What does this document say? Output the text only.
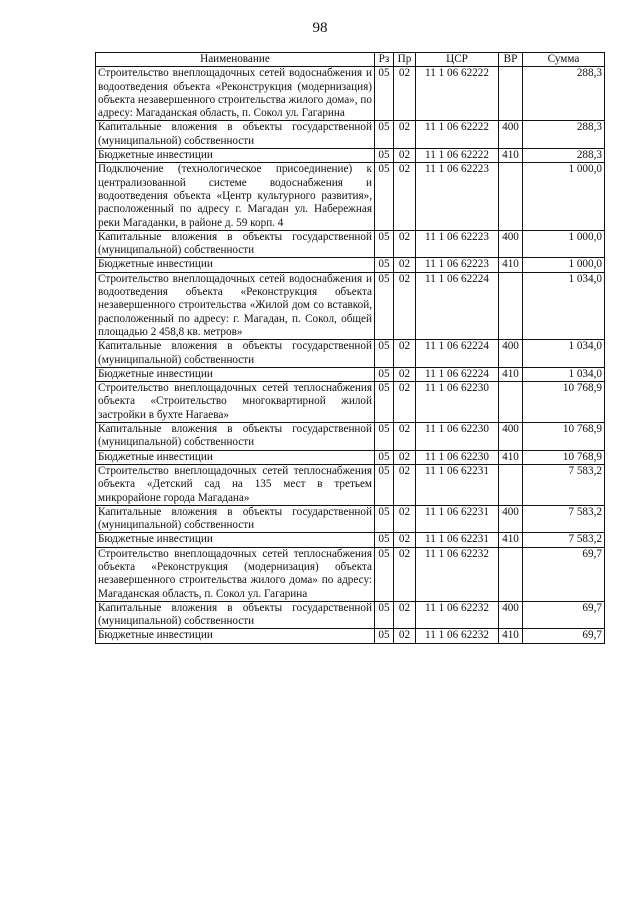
98
Наименование	Рз	Пр	ЦСР	ВР	Сумма
Строительство внеплощадочных сетей водоснабжения и водоотведения объекта «Реконструкция (модернизация) объекта незавершенного строительства жилого дома», по адресу: Магаданская область, п. Сокол ул. Гагарина	05	02	11 1 06 62222		288,3
Капитальные вложения в объекты государственной (муниципальной) собственности	05	02	11 1 06 62222	400	288,3
Бюджетные инвестиции	05	02	11 1 06 62222	410	288,3
Подключение (технологическое присоединение) к централизованной системе водоснабжения и водоотведения объекта «Центр культурного развития», расположенный по адресу г. Магадан ул. Набережная реки Магаданки, в районе д. 59 корп. 4	05	02	11 1 06 62223		1 000,0
Капитальные вложения в объекты государственной (муниципальной) собственности	05	02	11 1 06 62223	400	1 000,0
Бюджетные инвестиции	05	02	11 1 06 62223	410	1 000,0
Строительство внеплощадочных сетей водоснабжения и водоотведения объекта «Реконструкция объекта незавершенного строительства «Жилой дом со вставкой, расположенный по адресу: г. Магадан, п. Сокол, общей площадью 2 458,8 кв. метров»	05	02	11 1 06 62224		1 034,0
Капитальные вложения в объекты государственной (муниципальной) собственности	05	02	11 1 06 62224	400	1 034,0
Бюджетные инвестиции	05	02	11 1 06 62224	410	1 034,0
Строительство внеплощадочных сетей теплоснабжения объекта «Строительство многоквартирной жилой застройки в бухте Нагаева»	05	02	11 1 06 62230		10 768,9
Капитальные вложения в объекты государственной (муниципальной) собственности	05	02	11 1 06 62230	400	10 768,9
Бюджетные инвестиции	05	02	11 1 06 62230	410	10 768,9
Строительство внеплощадочных сетей теплоснабжения объекта «Детский сад на 135 мест в третьем микрорайоне города Магадана»	05	02	11 1 06 62231		7 583,2
Капитальные вложения в объекты государственной (муниципальной) собственности	05	02	11 1 06 62231	400	7 583,2
Бюджетные инвестиции	05	02	11 1 06 62231	410	7 583,2
Строительство внеплощадочных сетей теплоснабжения объекта «Реконструкция (модернизация) объекта незавершенного строительства жилого дома» по адресу: Магаданская область, п. Сокол ул. Гагарина	05	02	11 1 06 62232		69,7
Капитальные вложения в объекты государственной (муниципальной) собственности	05	02	11 1 06 62232	400	69,7
Бюджетные инвестиции	05	02	11 1 06 62232	410	69,7
